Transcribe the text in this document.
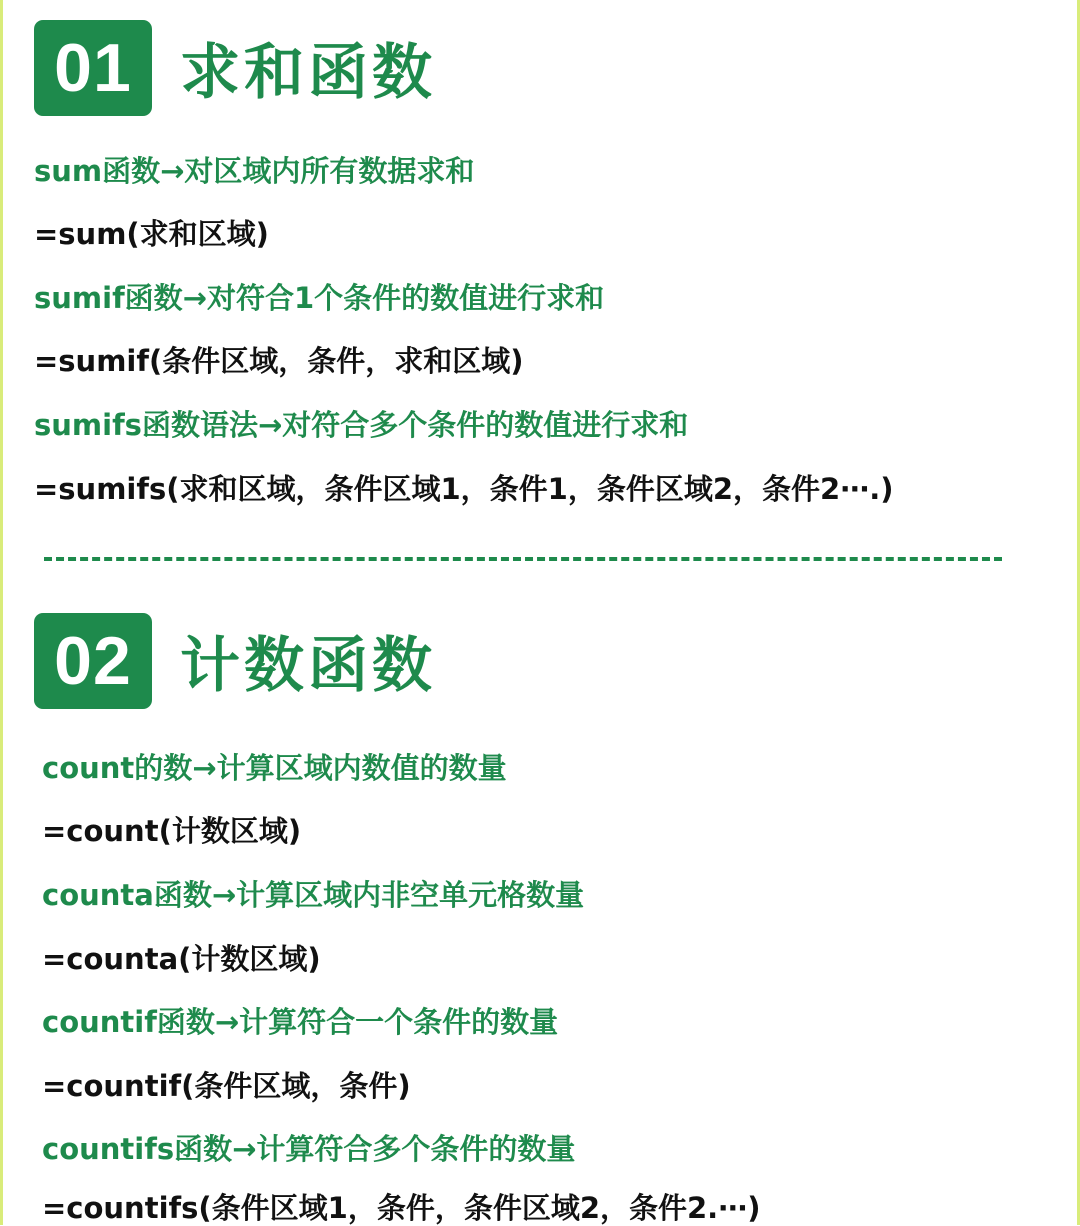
01 求和函数
sum函数→对区域内所有数据求和
=sum(求和区域)
sumif函数→对符合1个条件的数值进行求和
=sumif(条件区域，条件，求和区域)
sumifs函数语法→对符合多个条件的数值进行求和
=sumifs(求和区域，条件区域1，条件1，条件区域2，条件2⋯.)
02 计数函数
count的数→计算区域内数值的数量
=count(计数区域)
counta函数→计算区域内非空单元格数量
=counta(计数区域)
countif函数→计算符合一个条件的数量
=countif(条件区域，条件)
countifs函数→计算符合多个条件的数量
=countifs(条件区域1，条件，条件区域2，条件2.⋯)
